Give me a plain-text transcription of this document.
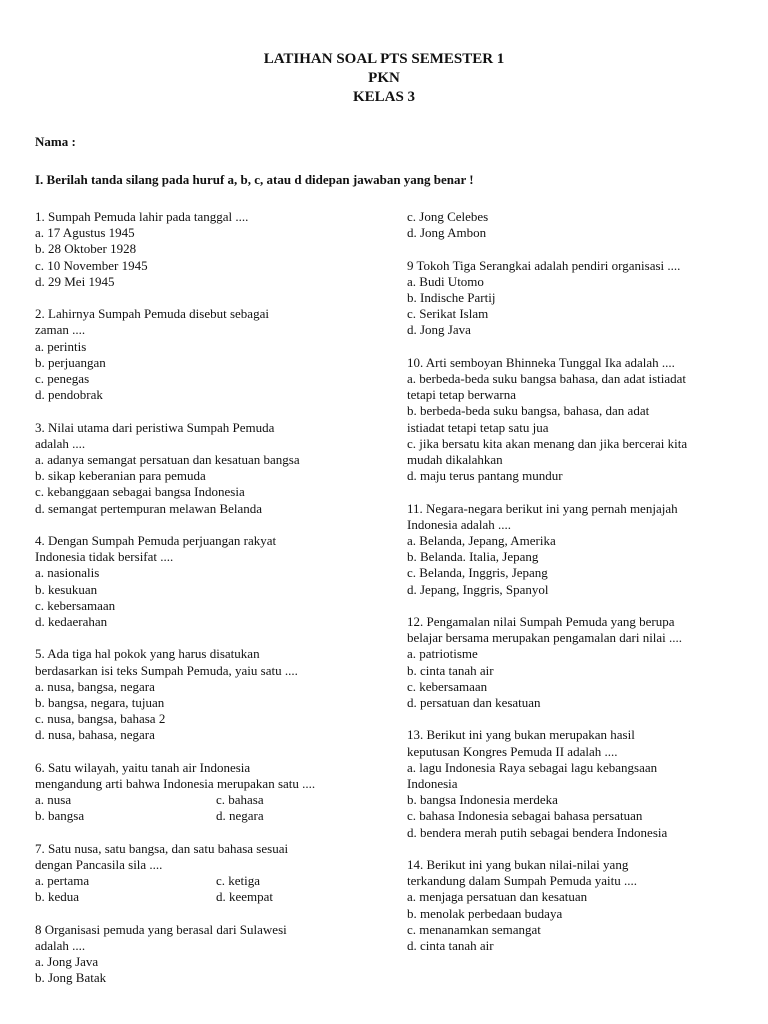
LATIHAN SOAL PTS SEMESTER 1
PKN
KELAS 3
Nama :
I. Berilah tanda silang pada huruf a, b, c, atau d didepan jawaban yang benar !
1. Sumpah Pemuda lahir pada tanggal ....
a. 17 Agustus 1945
b. 28 Oktober 1928
c. 10 November 1945
d. 29 Mei 1945
2. Lahirnya Sumpah Pemuda disebut sebagai
zaman ....
a. perintis
b. perjuangan
c. penegas
d. pendobrak
3. Nilai utama dari peristiwa Sumpah Pemuda
adalah ....
a. adanya semangat persatuan dan kesatuan bangsa
b. sikap keberanian para pemuda
c. kebanggaan sebagai bangsa Indonesia
d. semangat pertempuran melawan Belanda
4. Dengan Sumpah Pemuda perjuangan rakyat
Indonesia tidak bersifat ....
a. nasionalis
b. kesukuan
c. kebersamaan
d. kedaerahan
5. Ada tiga hal pokok yang harus disatukan
berdasarkan isi teks Sumpah Pemuda, yaiu satu ....
a. nusa, bangsa, negara
b. bangsa, negara, tujuan
c. nusa, bangsa, bahasa 2
d. nusa, bahasa, negara
6. Satu wilayah, yaitu tanah air Indonesia
mengandung arti bahwa Indonesia merupakan satu ....
a. nusa	c. bahasa
b. bangsa	d. negara
7. Satu nusa, satu bangsa, dan satu bahasa sesuai
dengan Pancasila sila ....
a. pertama	c. ketiga
b. kedua	d. keempat
8 Organisasi pemuda yang berasal dari Sulawesi
adalah ....
a. Jong Java
b. Jong Batak
c. Jong Celebes
d. Jong Ambon
9 Tokoh Tiga Serangkai adalah pendiri organisasi ....
a. Budi Utomo
b. Indische Partij
c. Serikat Islam
d. Jong Java
10. Arti semboyan Bhinneka Tunggal Ika adalah ....
a. berbeda-beda suku bangsa bahasa, dan adat istiadat
tetapi tetap berwarna
b. berbeda-beda suku bangsa, bahasa, dan adat
istiadat tetapi tetap satu jua
c. jika bersatu kita akan menang dan jika bercerai kita
mudah dikalahkan
d. maju terus pantang mundur
11. Negara-negara berikut ini yang pernah menjajah
Indonesia adalah ....
a. Belanda, Jepang, Amerika
b. Belanda. Italia, Jepang
c. Belanda, Inggris, Jepang
d. Jepang, Inggris, Spanyol
12. Pengamalan nilai Sumpah Pemuda yang berupa
belajar bersama merupakan pengamalan dari nilai ....
a. patriotisme
b. cinta tanah air
c. kebersamaan
d. persatuan dan kesatuan
13. Berikut ini yang bukan merupakan hasil
keputusan Kongres Pemuda II adalah ....
a. lagu Indonesia Raya sebagai lagu kebangsaan
Indonesia
b. bangsa Indonesia merdeka
c. bahasa Indonesia sebagai bahasa persatuan
d. bendera merah putih sebagai bendera Indonesia
14. Berikut ini yang bukan nilai-nilai yang
terkandung dalam Sumpah Pemuda yaitu ....
a. menjaga persatuan dan kesatuan
b. menolak perbedaan budaya
c. menanamkan semangat
d. cinta tanah air
